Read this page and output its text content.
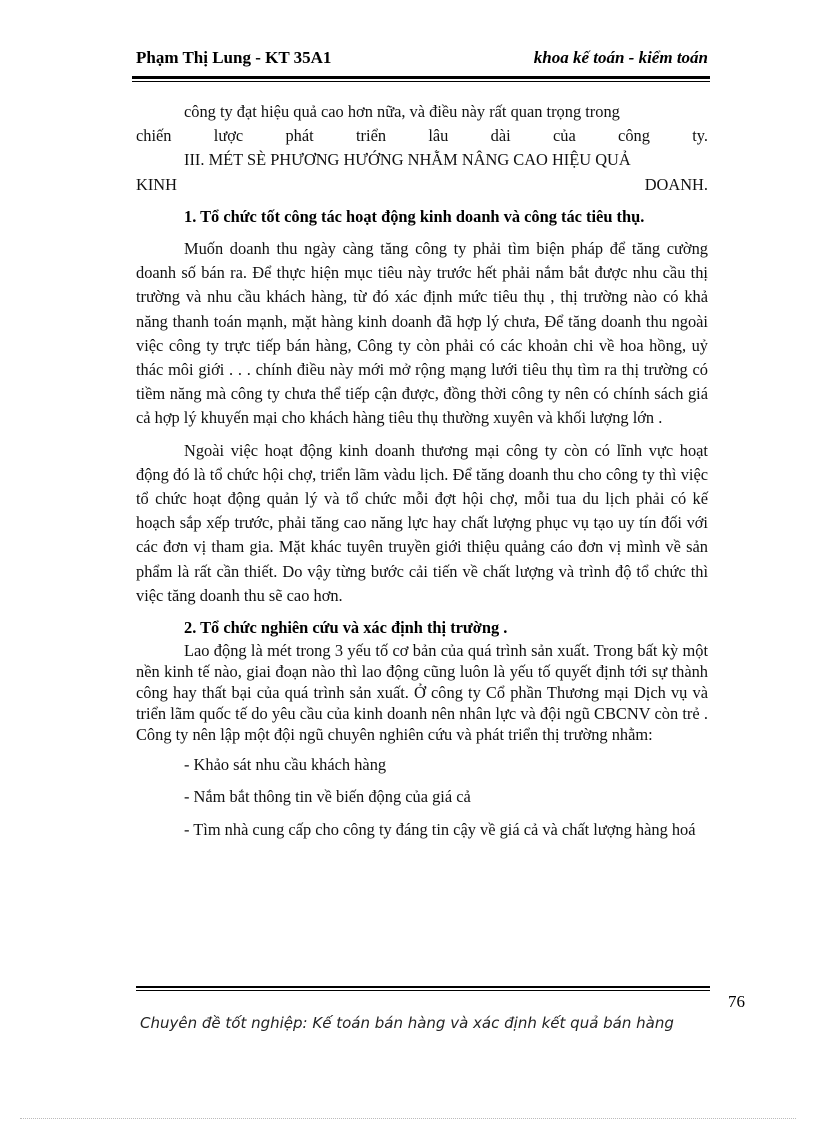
Phạm Thị Lung - KT 35A1	khoa kế toán - kiểm toán

công ty đạt hiệu quả cao hơn nữa, và điều này rất quan trọng trong

chiến lược phát triển lâu dài của công ty.

III. MÉT SÈ PHƯƠNG HƯỚNG NHẰM NÂNG CAO HIỆU QUẢ

KINH DOANH.

1. Tổ chức tốt công tác hoạt động kinh doanh và công tác tiêu thụ.

Muốn doanh thu ngày càng tăng công ty phải tìm biện pháp để tăng cường doanh số bán ra. Để thực hiện mục tiêu này trước hết phải nắm bắt được nhu cầu thị trường và nhu cầu khách hàng, từ đó xác định mức tiêu thụ , thị trường nào có khả năng thanh toán mạnh, mặt hàng kinh doanh đã hợp lý chưa, Để tăng doanh thu ngoài việc công ty trực tiếp bán hàng, Công ty còn phải có các khoản chi về hoa hồng, uỷ thác môi giới . . . chính điều này mới mở rộng mạng lưới tiêu thụ tìm ra thị trường có tiềm năng mà công ty chưa thể tiếp cận được, đồng thời công ty nên có chính sách giá cả hợp lý khuyến mại cho khách hàng tiêu thụ thường xuyên và khối lượng lớn .

Ngoài việc hoạt động kinh doanh thương mại công ty còn có lĩnh vực hoạt động đó là tổ chức hội chợ, triển lãm vàdu lịch. Để tăng doanh thu cho công ty thì việc tổ chức hoạt động quản lý và tổ chức mỗi đợt hội chợ, mỗi tua du lịch phải có kế hoạch sắp xếp trước, phải tăng cao năng lực hay chất lượng phục vụ tạo uy tín đối với các đơn vị tham gia. Mặt khác tuyên truyền giới thiệu quảng cáo đơn vị mình về sản phẩm là rất cần thiết. Do vậy từng bước cải tiến về chất lượng và trình độ tổ chức thì việc tăng doanh thu sẽ cao hơn.

2. Tổ chức nghiên cứu và xác định thị trường .

Lao động là mét trong 3 yếu tố cơ bản của quá trình sản xuất. Trong bất kỳ một nền kinh tế nào, giai đoạn nào thì lao động cũng luôn là yếu tố quyết định tới sự thành công hay thất bại của quá trình sản xuất. Ở công ty Cổ phần Thương mại Dịch vụ và triển lãm quốc tế do yêu cầu của kinh doanh nên nhân lực và đội ngũ CBCNV còn trẻ . Công ty nên lập một đội ngũ chuyên nghiên cứu và phát triển thị trường nhằm:

- Khảo sát nhu cầu khách hàng

- Nắm bắt thông tin về biến động của giá cả

- Tìm nhà cung cấp cho công ty đáng tin cậy về giá cả và chất lượng hàng hoá

76
Chuyên đề tốt nghiệp: Kế toán bán hàng và xác định kết quả bán hàng
